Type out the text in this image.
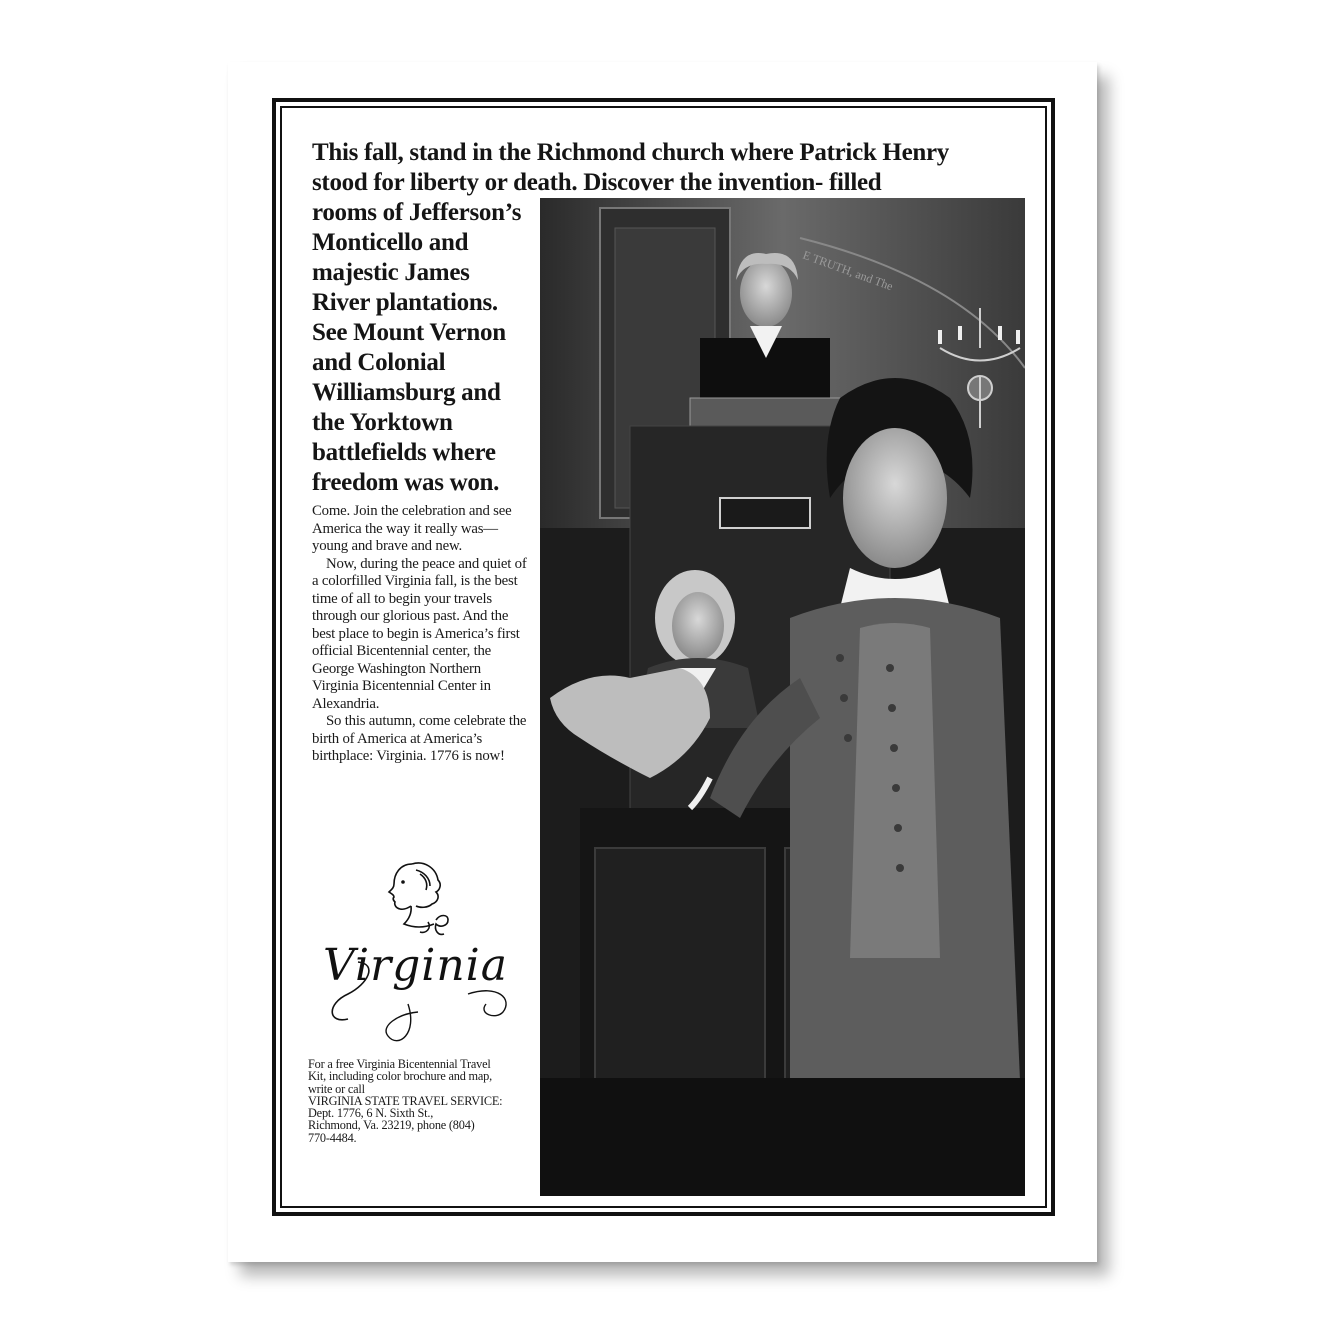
This fall, stand in the Richmond church where Patrick Henry
stood for liberty or death. Discover the invention- filled
rooms of Jefferson’s
Monticello and
majestic James
River plantations.
See Mount Vernon
and Colonial
Williamsburg and
the Yorktown
battlefields where
freedom was won.

Come. Join the celebration and see America the way it really was—young and brave and new.

Now, during the peace and quiet of a colorfilled Virginia fall, is the best time of all to begin your travels through our glorious past. And the best place to begin is America’s first official Bicentennial center, the George Washington Northern Virginia Bicentennial Center in Alexandria.

So this autumn, come celebrate the birth of America at America’s birthplace: Virginia. 1776 is now!

Virginia
For a free Virginia Bicentennial Travel
Kit, including color brochure and map,
write or call
VIRGINIA STATE TRAVEL SERVICE:
Dept. 1776, 6 N. Sixth St.,
Richmond, Va. 23219, phone (804)
770-4484.
E TRUTH, and The
